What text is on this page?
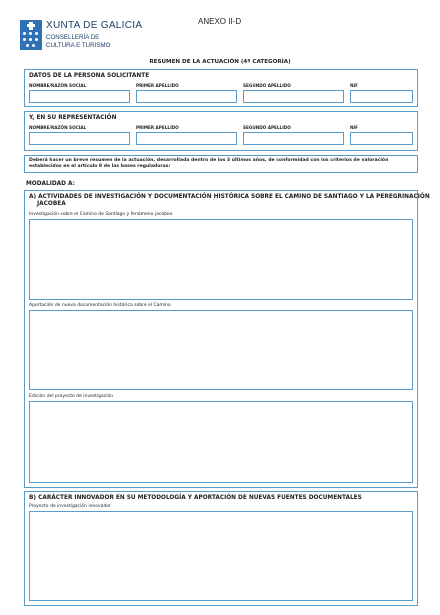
XUNTA DE GALICIA
CONSELLERÍA DE
CULTURA E TURISMO
ANEXO II-D
RESUMEN DE LA ACTUACIÓN (4ª CATEGORÍA)
DATOS DE LA PERSONA SOLICITANTE
NOMBRE/RAZÓN SOCIAL	PRIMER APELLIDO	SEGUNDO APELLIDO	NIF
Y, EN SU REPRESENTACIÓN
NOMBRE/RAZÓN SOCIAL	PRIMER APELLIDO	SEGUNDO APELLIDO	NIF
Deberá hacer un breve resumen de la actuación, desarrollada dentro de los 3 últimos años, de conformidad con los criterios de valoración establecidos en el artículo 8 de las bases reguladoras:
MODALIDAD A:
A) ACTIVIDADES DE INVESTIGACIÓN Y DOCUMENTACIÓN HISTÓRICA SOBRE EL CAMINO DE SANTIAGO Y LA PEREGRINACIÓN
JACOBEA
Investigación sobre el Camino de Santiago y fenómeno jacobeo
Aportación de nueva documentación histórica sobre el Camino
Edición del proyecto de investigación
B) CARÁCTER INNOVADOR EN SU METODOLOGÍA Y APORTACIÓN DE NUEVAS FUENTES DOCUMENTALES
Proyecto de investigación innovador
